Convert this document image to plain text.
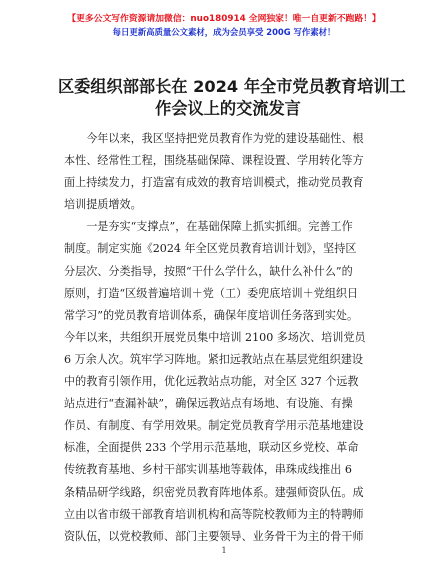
【更多公文写作资源请加微信：nuo180914 全网独家！唯一自更新不跑路！】
每日更新高质量公文素材，成为会员享受 200G 写作素材！
区委组织部部长在 2024 年全市党员教育培训工
作会议上的交流发言
　　今年以来，我区坚持把党员教育作为党的建设基础性、根
本性、经常性工程，围绕基础保障、课程设置、学用转化等方
面上持续发力，打造富有成效的教育培训模式，推动党员教育
培训提质增效。
　　一是夯实“支撑点”，在基础保障上抓实抓细。完善工作
制度。制定实施《2024 年全区党员教育培训计划》，坚持区
分层次、分类指导，按照“干什么学什么，缺什么补什么”的
原则，打造“区级普遍培训＋党（工）委兜底培训＋党组织日
常学习”的党员教育培训体系，确保年度培训任务落到实处。
今年以来，共组织开展党员集中培训 2100 多场次、培训党员
6 万余人次。筑牢学习阵地。紧扣远教站点在基层党组织建设
中的教育引领作用，优化远教站点功能，对全区 327 个远教
站点进行“查漏补缺”，确保远教站点有场地、有设施、有操
作员、有制度、有学用效果。制定党员教育学用示范基地建设
标准，全面提供 233 个学用示范基地，联动区乡党校、革命
传统教育基地、乡村干部实训基地等载体，串珠成线推出 6
条精品研学线路，织密党员教育阵地体系。建强师资队伍。成
立由以省市级干部教育培训机构和高等院校教师为主的特聘师
资队伍，以党校教师、部门主要领导、业务骨干为主的骨干师
1
